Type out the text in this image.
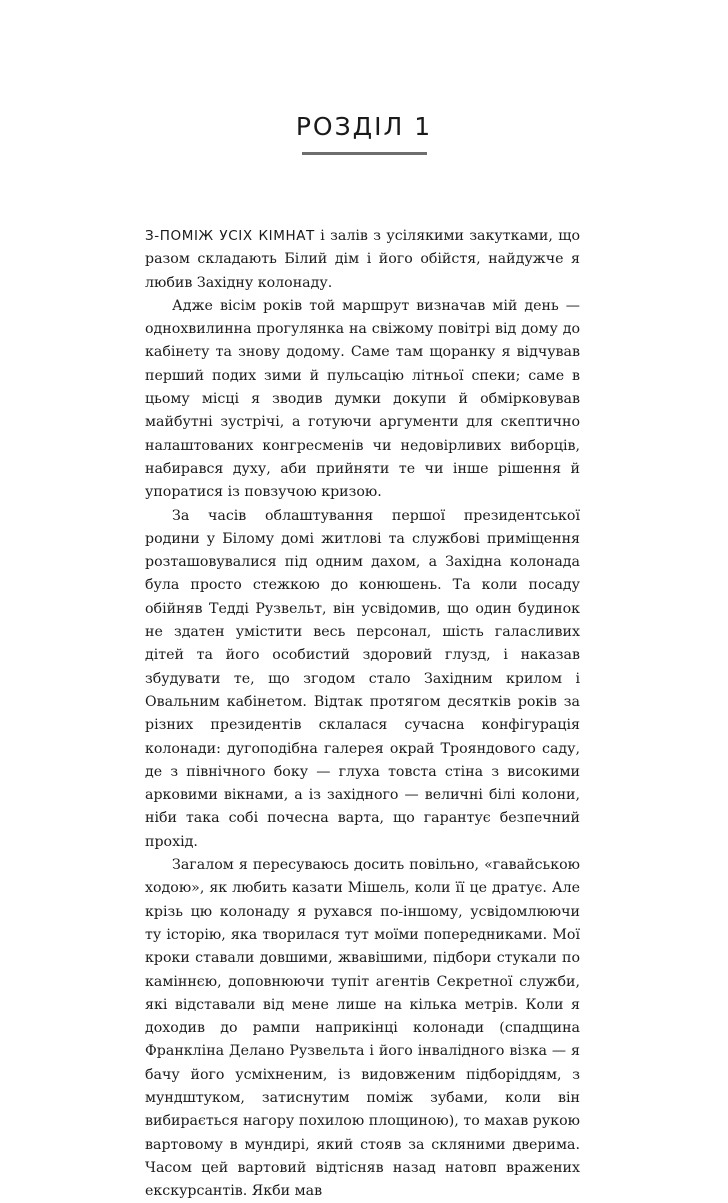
РОЗДІЛ 1

З-ПОМІЖ УСІХ КІМНАТ і залів з усілякими закутками, що разом складають Білий дім і його обійстя, найдужче я любив Західну колонаду.

Адже вісім років той маршрут визначав мій день — однохвилинна прогулянка на свіжому повітрі від дому до кабінету та знову додому. Саме там щоранку я відчував перший подих зими й пульсацію літньої спеки; саме в цьому місці я зводив думки докупи й обмірковував майбутні зустрічі, а готуючи аргументи для скептично налаштованих конгресменів чи недовірливих виборців, набирався духу, аби прийняти те чи інше рішення й упоратися із повзучою кризою.

За часів облаштування першої президентської родини у Білому домі житлові та службові приміщення розташовувалися під одним дахом, а Західна колонада була просто стежкою до конюшень. Та коли посаду обійняв Тедді Рузвельт, він усвідомив, що один будинок не здатен умістити весь персонал, шість галасливих дітей та його особистий здоровий глузд, і наказав збудувати те, що згодом стало Західним крилом і Овальним кабінетом. Відтак протягом десятків років за різних президентів склалася сучасна конфігурація колонади: дугоподібна галерея окрай Трояндового саду, де з північного боку — глуха товста стіна з високими арковими вікнами, а із західного — величні білі колони, ніби така собі почесна варта, що гарантує безпечний прохід.

Загалом я пересуваюсь досить повільно, «гавайською ходою», як любить казати Мішель, коли її це дратує. Але крізь цю колонаду я рухався по-іншому, усвідомлюючи ту історію, яка творилася тут моїми попередниками. Мої кроки ставали довшими, жвавішими, підбори стукали по каміннєю, доповнюючи тупіт агентів Секретної служби, які відставали від мене лише на кілька метрів. Коли я доходив до рампи наприкінці колонади (спадщина Франкліна Делано Рузвельта і його інвалідного візка — я бачу його усміхненим, із видовженим підборіддям, з мундштуком, затиснутим поміж зубами, коли він вибирається нагору похилою площиною), то махав рукою вартовому в мундирі, який стояв за скляними дверима. Часом цей вартовий відтісняв назад натовп вражених екскурсантів. Якби мав
